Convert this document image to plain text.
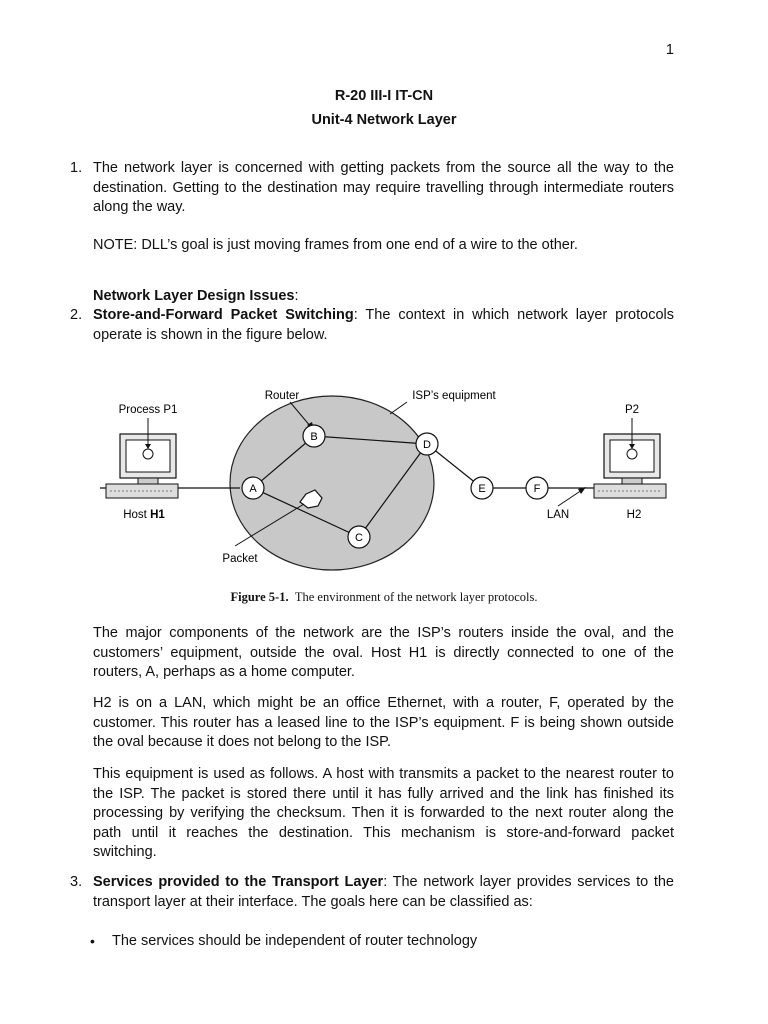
1
R-20 III-I IT-CN
Unit-4 Network Layer
1. The network layer is concerned with getting packets from the source all the way to the destination. Getting to the destination may require travelling through intermediate routers along the way.

NOTE: DLL’s goal is just moving frames from one end of a wire to the other.

Network Layer Design Issues:

2. Store-and-Forward Packet Switching: The context in which network layer protocols operate is shown in the figure below.

A
B
C
D
E	F
Router	ISP’s equipment
Process P1	P2
Host H1	H2
LAN
Packet
Figure 5-1. The environment of the network layer protocols.

The major components of the network are the ISP’s routers inside the oval, and the customers’ equipment, outside the oval. Host H1 is directly connected to one of the routers, A, perhaps as a home computer.

H2 is on a LAN, which might be an office Ethernet, with a router, F, operated by the customer. This router has a leased line to the ISP’s equipment. F is being shown outside the oval because it does not belong to the ISP.

This equipment is used as follows. A host with transmits a packet to the nearest router to the ISP. The packet is stored there until it has fully arrived and the link has finished its processing by verifying the checksum. Then it is forwarded to the next router along the path until it reaches the destination. This mechanism is store-and-forward packet switching.

3. Services provided to the Transport Layer: The network layer provides services to the transport layer at their interface. The goals here can be classified as:

• The services should be independent of router technology
